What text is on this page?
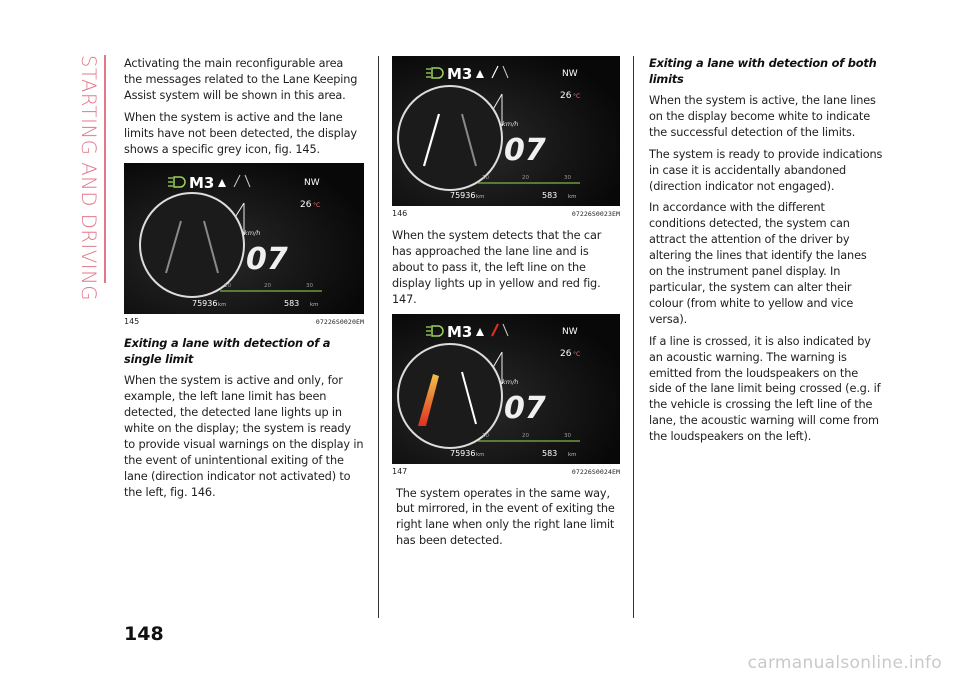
STARTING AND DRIVING Activating the main reconfigurable area the messages related to the Lane Keeping Assist system will be shown in this area.

When the system is active and the lane limits have not been detected, the display shows a specific grey icon, fig. 145.

M3	NW
26 °C
km/h
07
10	20	30
75936 km	583 km
145	07226S0020EM
Exiting a lane with detection of a single limit

When the system is active and only, for example, the left lane limit has been detected, the detected lane lights up in white on the display; the system is ready to provide visual warnings on the display in the event of unintentional exiting of the lane (direction indicator not activated) to the left, fig. 146.

M3	NW
26 °C
km/h
07
10	20	30
75936 km	583 km
146	07226S0023EM

When the system detects that the car has approached the lane line and is about to pass it, the left line on the display lights up in yellow and red fig. 147.

M3	NW
26 °C
km/h
07
10	20	30
75936 km	583 km
147	07226S0024EM

The system operates in the same way, but mirrored, in the event of exiting the right lane when only the right lane limit has been detected.

Exiting a lane with detection of both limits

When the system is active, the lane lines on the display become white to indicate the successful detection of the limits.

The system is ready to provide indications in case it is accidentally abandoned (direction indicator not engaged).

In accordance with the different conditions detected, the system can attract the attention of the driver by altering the lines that identify the lanes on the instrument panel display. In particular, the system can alter their colour (from white to yellow and vice versa).

If a line is crossed, it is also indicated by an acoustic warning. The warning is emitted from the loudspeakers on the side of the lane limit being crossed (e.g. if the vehicle is crossing the left line of the lane, the acoustic warning will come from the loudspeakers on the left).

148
carmanualsonline.info
